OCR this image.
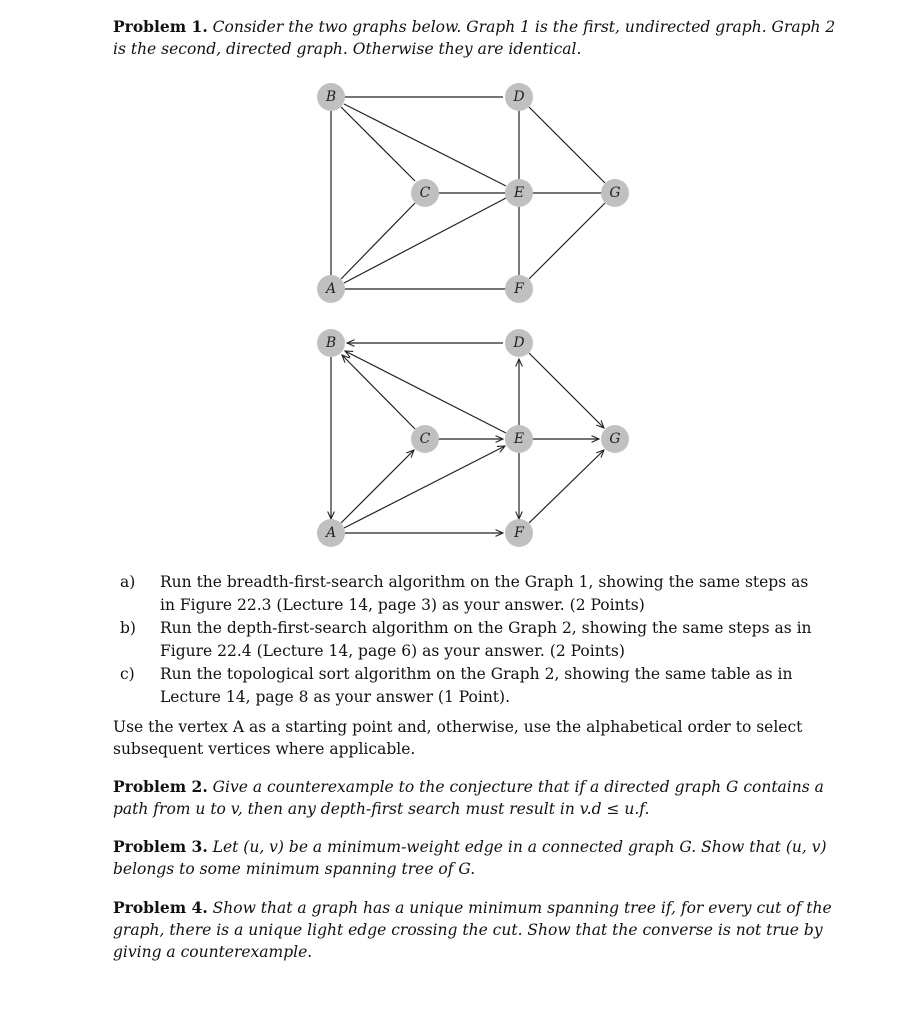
Problem 1. Consider the two graphs below. Graph 1 is the first, undirected graph. Graph 2 is the second, directed graph. Otherwise they are identical.

B	D
C	E	G
A	F
B	D
C	E	G
A	F
a)	Run the breadth-first-search algorithm on the Graph 1, showing the same steps as in Figure 22.3 (Lecture 14, page 3) as your answer. (2 Points)
b)	Run the depth-first-search algorithm on the Graph 2, showing the same steps as in Figure 22.4 (Lecture 14, page 6) as your answer. (2 Points)
c)	Run the topological sort algorithm on the Graph 2, showing the same table as in Lecture 14, page 8 as your answer (1 Point).

Use the vertex A as a starting point and, otherwise, use the alphabetical order to select subsequent vertices where applicable.

Problem 2. Give a counterexample to the conjecture that if a directed graph G contains a path from u to v, then any depth-first search must result in v.d ≤ u.f.

Problem 3. Let (u, v) be a minimum-weight edge in a connected graph G. Show that (u, v) belongs to some minimum spanning tree of G.

Problem 4. Show that a graph has a unique minimum spanning tree if, for every cut of the graph, there is a unique light edge crossing the cut. Show that the converse is not true by giving a counterexample.
